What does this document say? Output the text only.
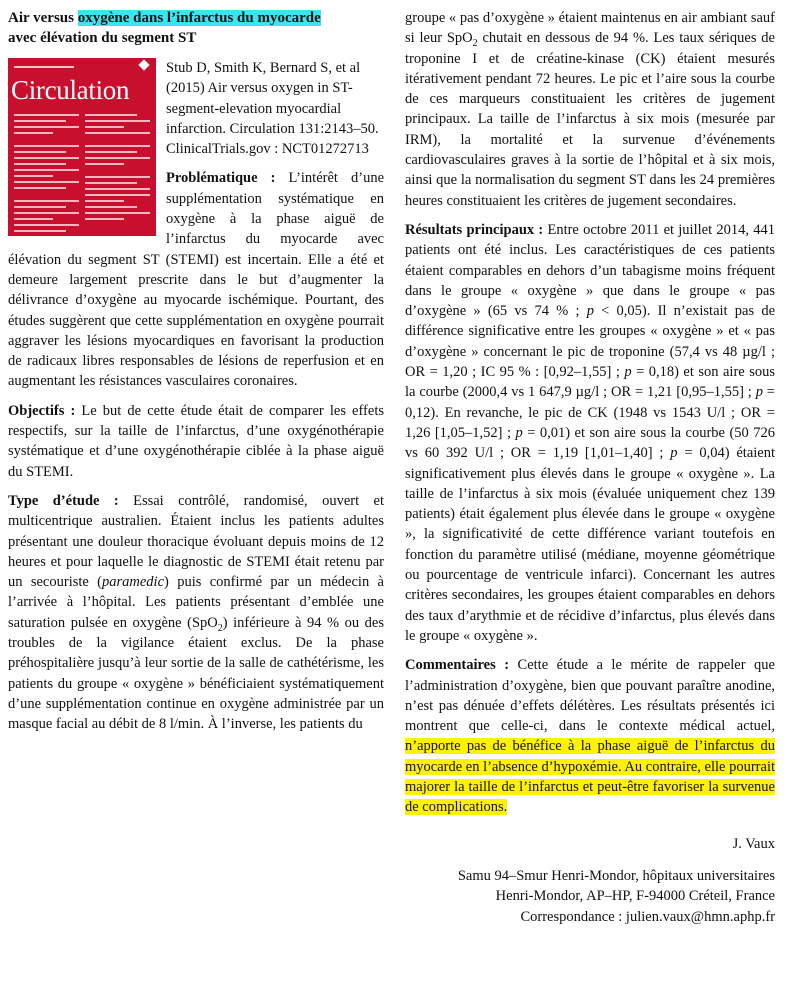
Air versus oxygène dans l’infarctus du myocarde
avec élévation du segment ST
Circulation

Stub D, Smith K, Bernard S, et al (2015) Air versus oxygen in ST-segment-elevation myocardial infarction. Circulation 131:2143–50. ClinicalTrials.gov : NCT01272713

Problématique : L’intérêt d’une supplémentation systématique en oxygène à la phase aiguë de l’infarctus du myocarde avec élévation du segment ST (STEMI) est incertain. Elle a été et demeure largement prescrite dans le but d’augmenter la délivrance d’oxygène au myocarde ischémique. Pourtant, des études suggèrent que cette supplémentation en oxygène pourrait aggraver les lésions myocardiques en favorisant la production de radicaux libres responsables de lésions de reperfusion et en augmentant les résistances vasculaires coronaires.

Objectifs : Le but de cette étude était de comparer les effets respectifs, sur la taille de l’infarctus, d’une oxygénothérapie systématique et d’une oxygénothérapie ciblée à la phase aiguë du STEMI.

Type d’étude : Essai contrôlé, randomisé, ouvert et multicentrique australien. Étaient inclus les patients adultes présentant une douleur thoracique évoluant depuis moins de 12 heures et pour laquelle le diagnostic de STEMI était retenu par un secouriste (paramedic) puis confirmé par un médecin à l’arrivée à l’hôpital. Les patients présentant d’emblée une saturation pulsée en oxygène (SpO$_2$) inférieure à 94 % ou des troubles de la vigilance étaient exclus. De la phase préhospitalière jusqu’à leur sortie de la salle de cathétérisme, les patients du groupe « oxygène » bénéficiaient systématiquement d’une supplémentation continue en oxygène administrée par un masque facial au débit de 8 l/min. À l’inverse, les patients du

groupe « pas d’oxygène » étaient maintenus en air ambiant sauf si leur SpO$_2$ chutait en dessous de 94 %. Les taux sériques de troponine I et de créatine-kinase (CK) étaient mesurés itérativement pendant 72 heures. Le pic et l’aire sous la courbe de ces marqueurs constituaient les critères de jugement principaux. La taille de l’infarctus à six mois (mesurée par IRM), la mortalité et la survenue d’événements cardiovasculaires graves à la sortie de l’hôpital et à six mois, ainsi que la normalisation du segment ST dans les 24 premières heures constituaient les critères de jugement secondaires.

Résultats principaux : Entre octobre 2011 et juillet 2014, 441 patients ont été inclus. Les caractéristiques de ces patients étaient comparables en dehors d’un tabagisme moins fréquent dans le groupe « oxygène » que dans le groupe « pas d’oxygène » (65 vs 74 % ; p < 0,05). Il n’existait pas de différence significative entre les groupes « oxygène » et « pas d’oxygène » concernant le pic de troponine (57,4 vs 48 µg/l ; OR = 1,20 ; IC 95 % : [0,92–1,55] ; p = 0,18) et son aire sous la courbe (2000,4 vs 1 647,9 µg/l ; OR = 1,21 [0,95–1,55] ; p = 0,12). En revanche, le pic de CK (1948 vs 1543 U/l ; OR = 1,26 [1,05–1,52] ; p = 0,01) et son aire sous la courbe (50 726 vs 60 392 U/l ; OR = 1,19 [1,01–1,40] ; p = 0,04) étaient significativement plus élevés dans le groupe « oxygène ». La taille de l’infarctus à six mois (évaluée uniquement chez 139 patients) était également plus élevée dans le groupe « oxygène », la significativité de cette différence variant toutefois en fonction du paramètre utilisé (médiane, moyenne géométrique ou pourcentage de ventricule infarci). Concernant les autres critères secondaires, les groupes étaient comparables en dehors des taux d’arythmie et de récidive d’infarctus, plus élevés dans le groupe « oxygène ».

Commentaires : Cette étude a le mérite de rappeler que l’administration d’oxygène, bien que pouvant paraître anodine, n’est pas dénuée d’effets délétères. Les résultats présentés ici montrent que celle-ci, dans le contexte médical actuel, n’apporte pas de bénéfice à la phase aiguë de l’infarctus du myocarde en l’absence d’hypoxémie. Au contraire, elle pourrait majorer la taille de l’infarctus et peut-être favoriser la survenue de complications.

J. Vaux
Samu 94–Smur Henri-Mondor, hôpitaux universitaires
Henri-Mondor, AP–HP, F-94000 Créteil, France
Correspondance : julien.vaux@hmn.aphp.fr
